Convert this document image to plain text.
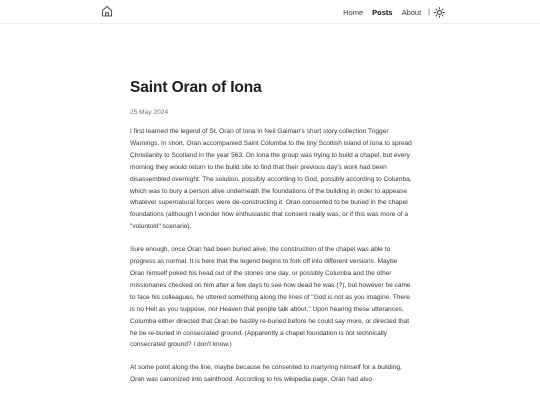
Home Posts About |
Saint Oran of Iona
25 May 2024

I first learned the legend of St. Oran of Iona in Neil Gaiman's short story collection Trigger Warnings. In short, Oran accompanied Saint Columba to the tiny Scottish island of Iona to spread Christianity to Scotland in the year 563. On Iona the group was trying to build a chapel, but every morning they would return to the build site to find that their previous day's work had been disassembled overnight. The solution, possibly according to God, possibly according to Columba, which was to bury a person alive underneath the foundations of the building in order to appease whatever supernatural forces were de-constructing it. Oran consented to be buried in the chapel foundations (although I wonder how enthusiastic that consent really was, or if this was more of a "voluntold" scenario).

Sure enough, once Oran had been buried alive, the construction of the chapel was able to progress as normal. It is here that the legend begins to fork off into different versions. Maybe Oran himself poked his head out of the stones one day, or possibly Columba and the other missionaries checked on him after a few days to see how dead he was (?), but however he came to face his colleagues, he uttered something along the lines of "God is not as you imagine. There is no Hell as you suppose, nor Heaven that people talk about." Upon hearing these utterances, Columba either directed that Oran be hastily re-buried before he could say more, or directed that he be re-buried in consecrated ground. (Apparently a chapel foundation is not technically consecrated ground? I don't know.)

At some point along the line, maybe because he consented to martyring himself for a building, Oran was canonized into sainthood. According to his wikipedia page, Oran had also
